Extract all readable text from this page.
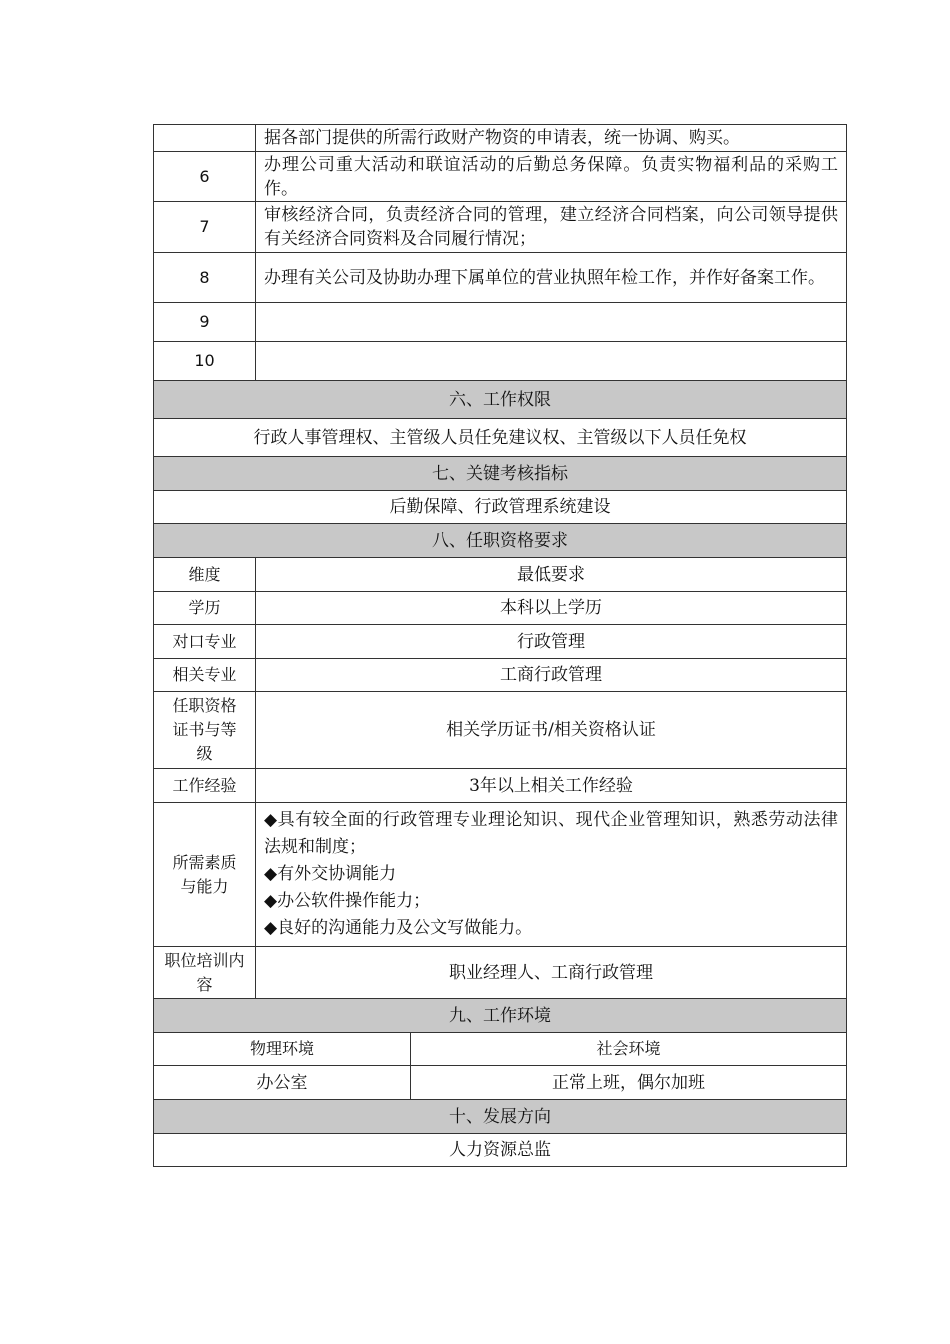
	据各部门提供的所需行政财产物资的申请表，统一协调、购买。	
6	办理公司重大活动和联谊活动的后勤总务保障。负责实物福利品的采购工作。	
7	审核经济合同，负责经济合同的管理，建立经济合同档案，向公司领导提供有关经济合同资料及合同履行情况；	
8	办理有关公司及协助办理下属单位的营业执照年检工作，并作好备案工作。	
9		
10		
六、工作权限		
行政人事管理权、主管级人员任免建议权、主管级以下人员任免权		
七、关键考核指标		
后勤保障、行政管理系统建设		
八、任职资格要求		
维度	最低要求	
学历	本科以上学历	
对口专业	行政管理	
相关专业	工商行政管理	
任职资格证书与等级	相关学历证书/相关资格认证	
工作经验	3年以上相关工作经验	
所需素质与能力	◆具有较全面的行政管理专业理论知识、现代企业管理知识，熟悉劳动法律法规和制度；
◆有外交协调能力
◆办公软件操作能力；
◆良好的沟通能力及公文写做能力。	

职位培训内容	职业经理人、工商行政管理	
九、工作环境		
物理环境		社会环境
办公室		正常上班，偶尔加班
十、发展方向		
人力资源总监		
